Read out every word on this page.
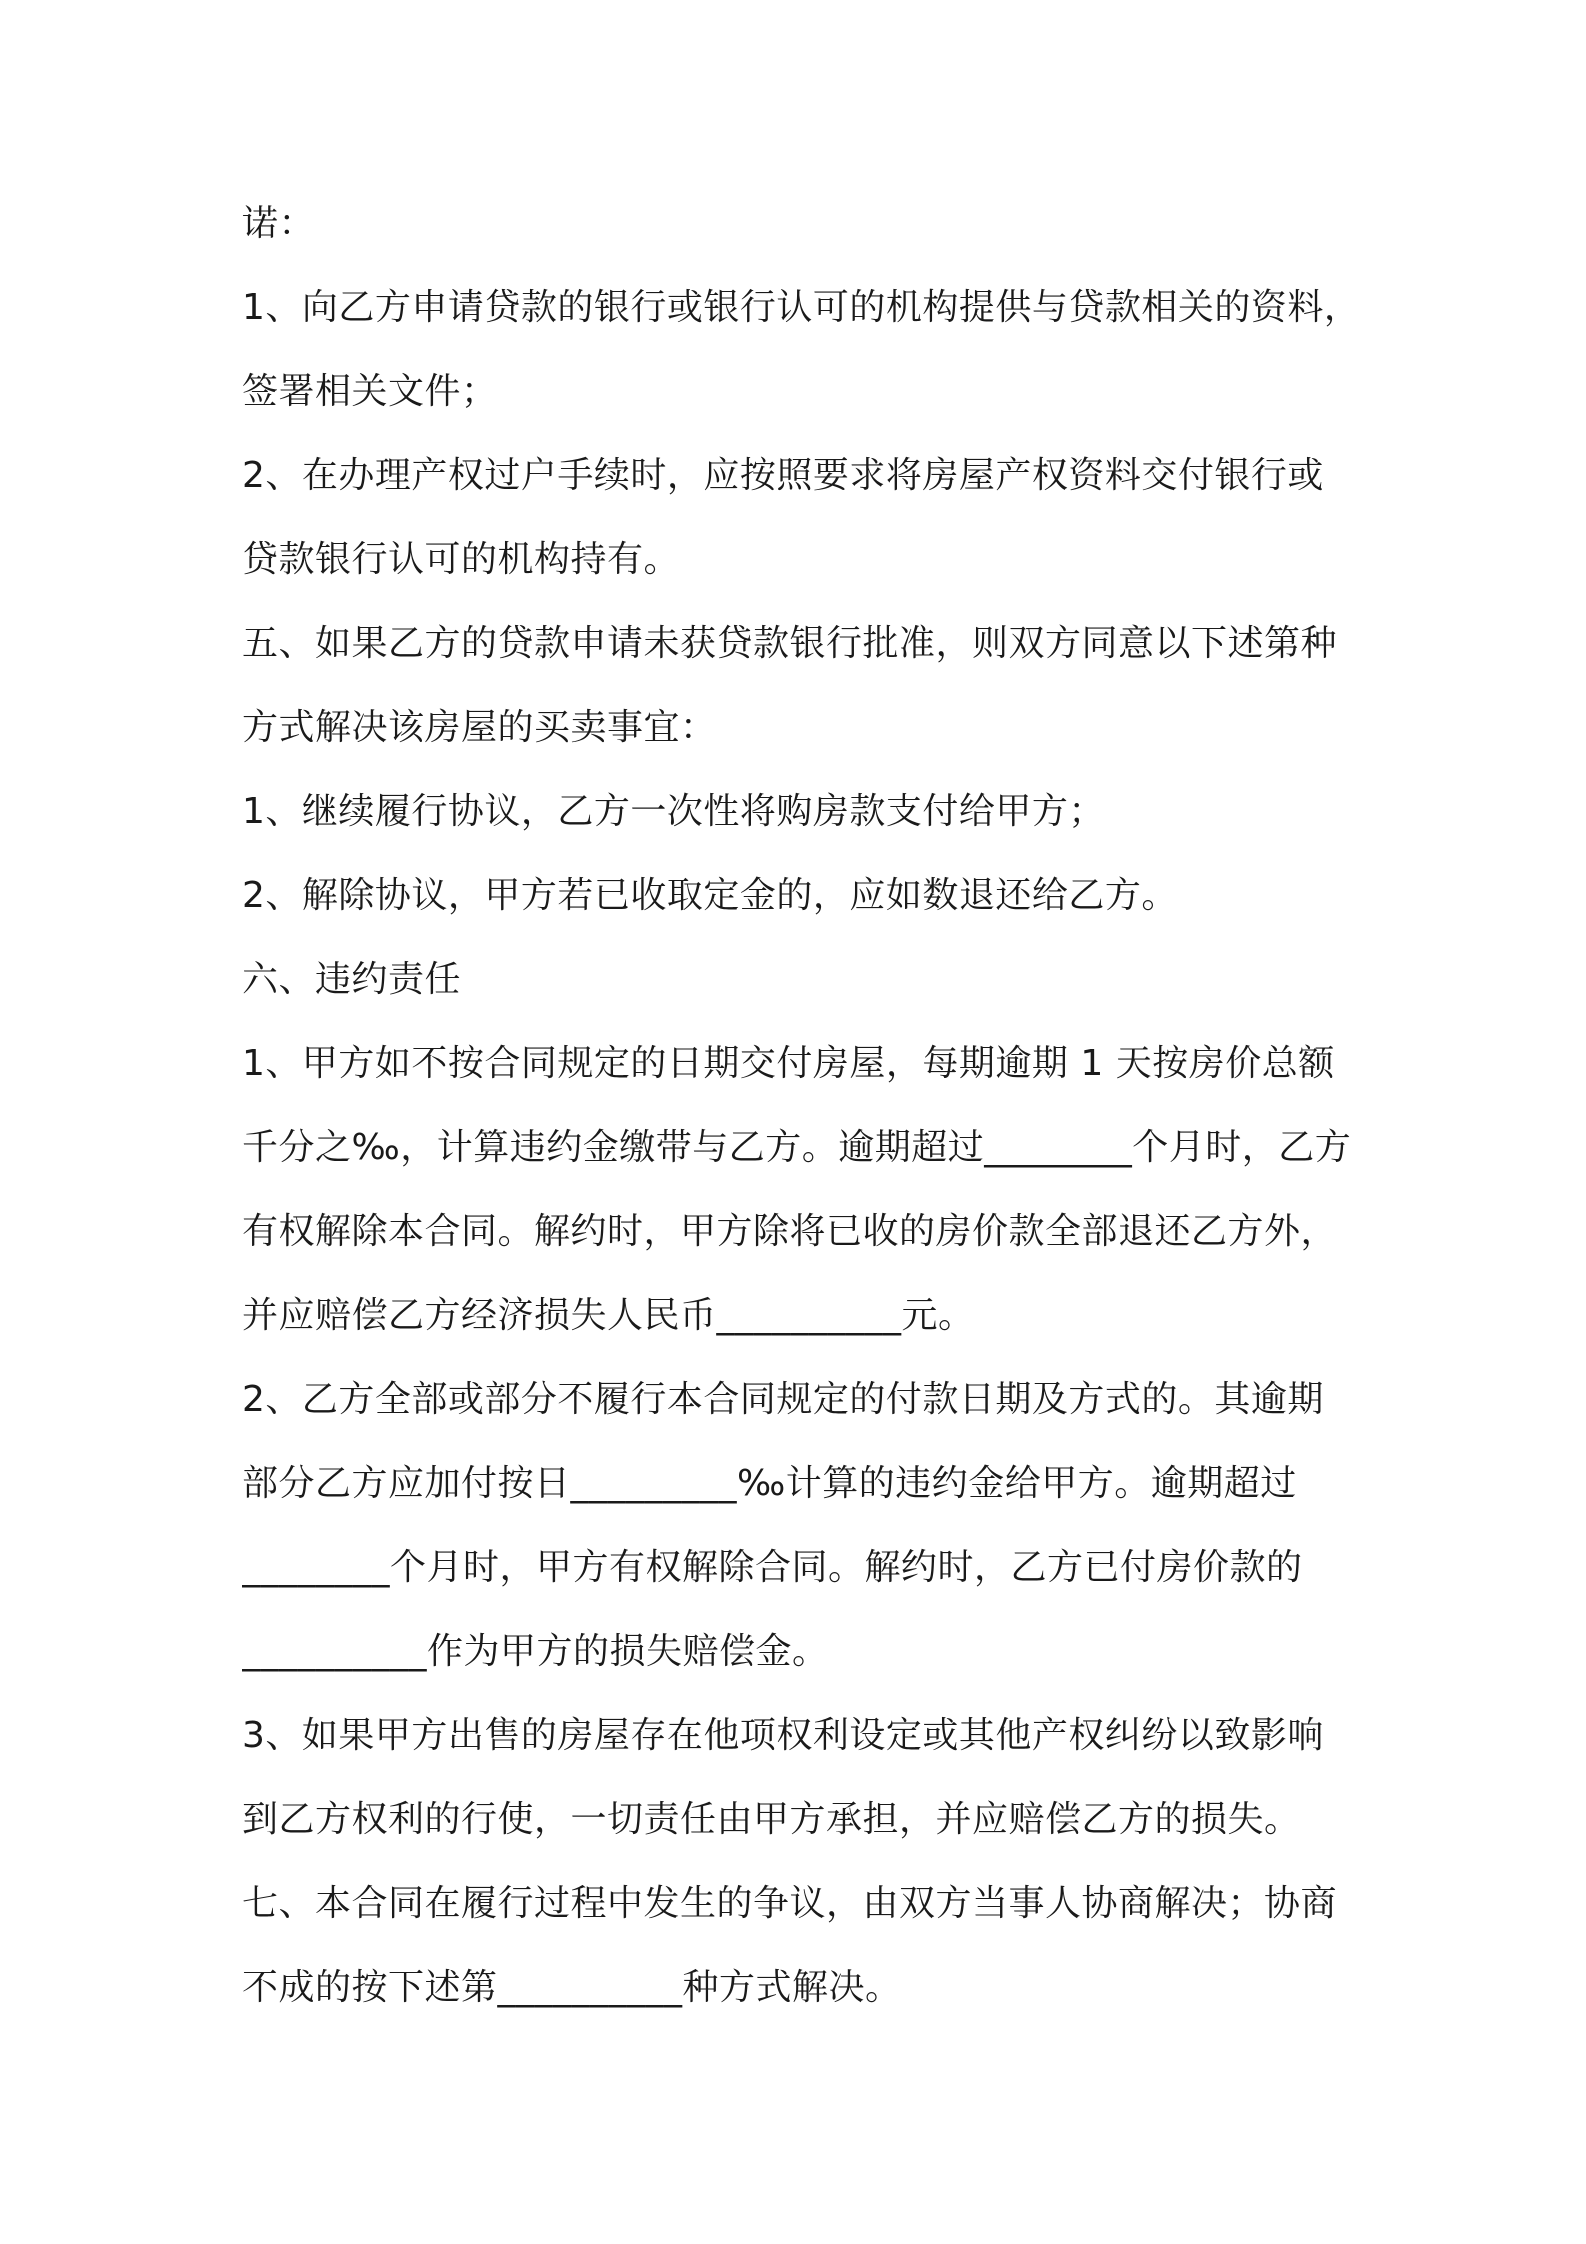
诺：
1、向乙方申请贷款的银行或银行认可的机构提供与贷款相关的资料，
签署相关文件；
2、在办理产权过户手续时，应按照要求将房屋产权资料交付银行或
贷款银行认可的机构持有。
五、如果乙方的贷款申请未获贷款银行批准，则双方同意以下述第种
方式解决该房屋的买卖事宜：
1、继续履行协议，乙方一次性将购房款支付给甲方；
2、解除协议，甲方若已收取定金的，应如数退还给乙方。
六、违约责任
1、甲方如不按合同规定的日期交付房屋，每期逾期 1 天按房价总额
千分之‰，计算违约金缴带与乙方。逾期超过________个月时，乙方
有权解除本合同。解约时，甲方除将已收的房价款全部退还乙方外，
并应赔偿乙方经济损失人民币__________元。
2、乙方全部或部分不履行本合同规定的付款日期及方式的。其逾期
部分乙方应加付按日_________‰计算的违约金给甲方。逾期超过
________个月时，甲方有权解除合同。解约时，乙方已付房价款的
__________作为甲方的损失赔偿金。
3、如果甲方出售的房屋存在他项权利设定或其他产权纠纷以致影响
到乙方权利的行使，一切责任由甲方承担，并应赔偿乙方的损失。
七、本合同在履行过程中发生的争议，由双方当事人协商解决；协商
不成的按下述第__________种方式解决。
